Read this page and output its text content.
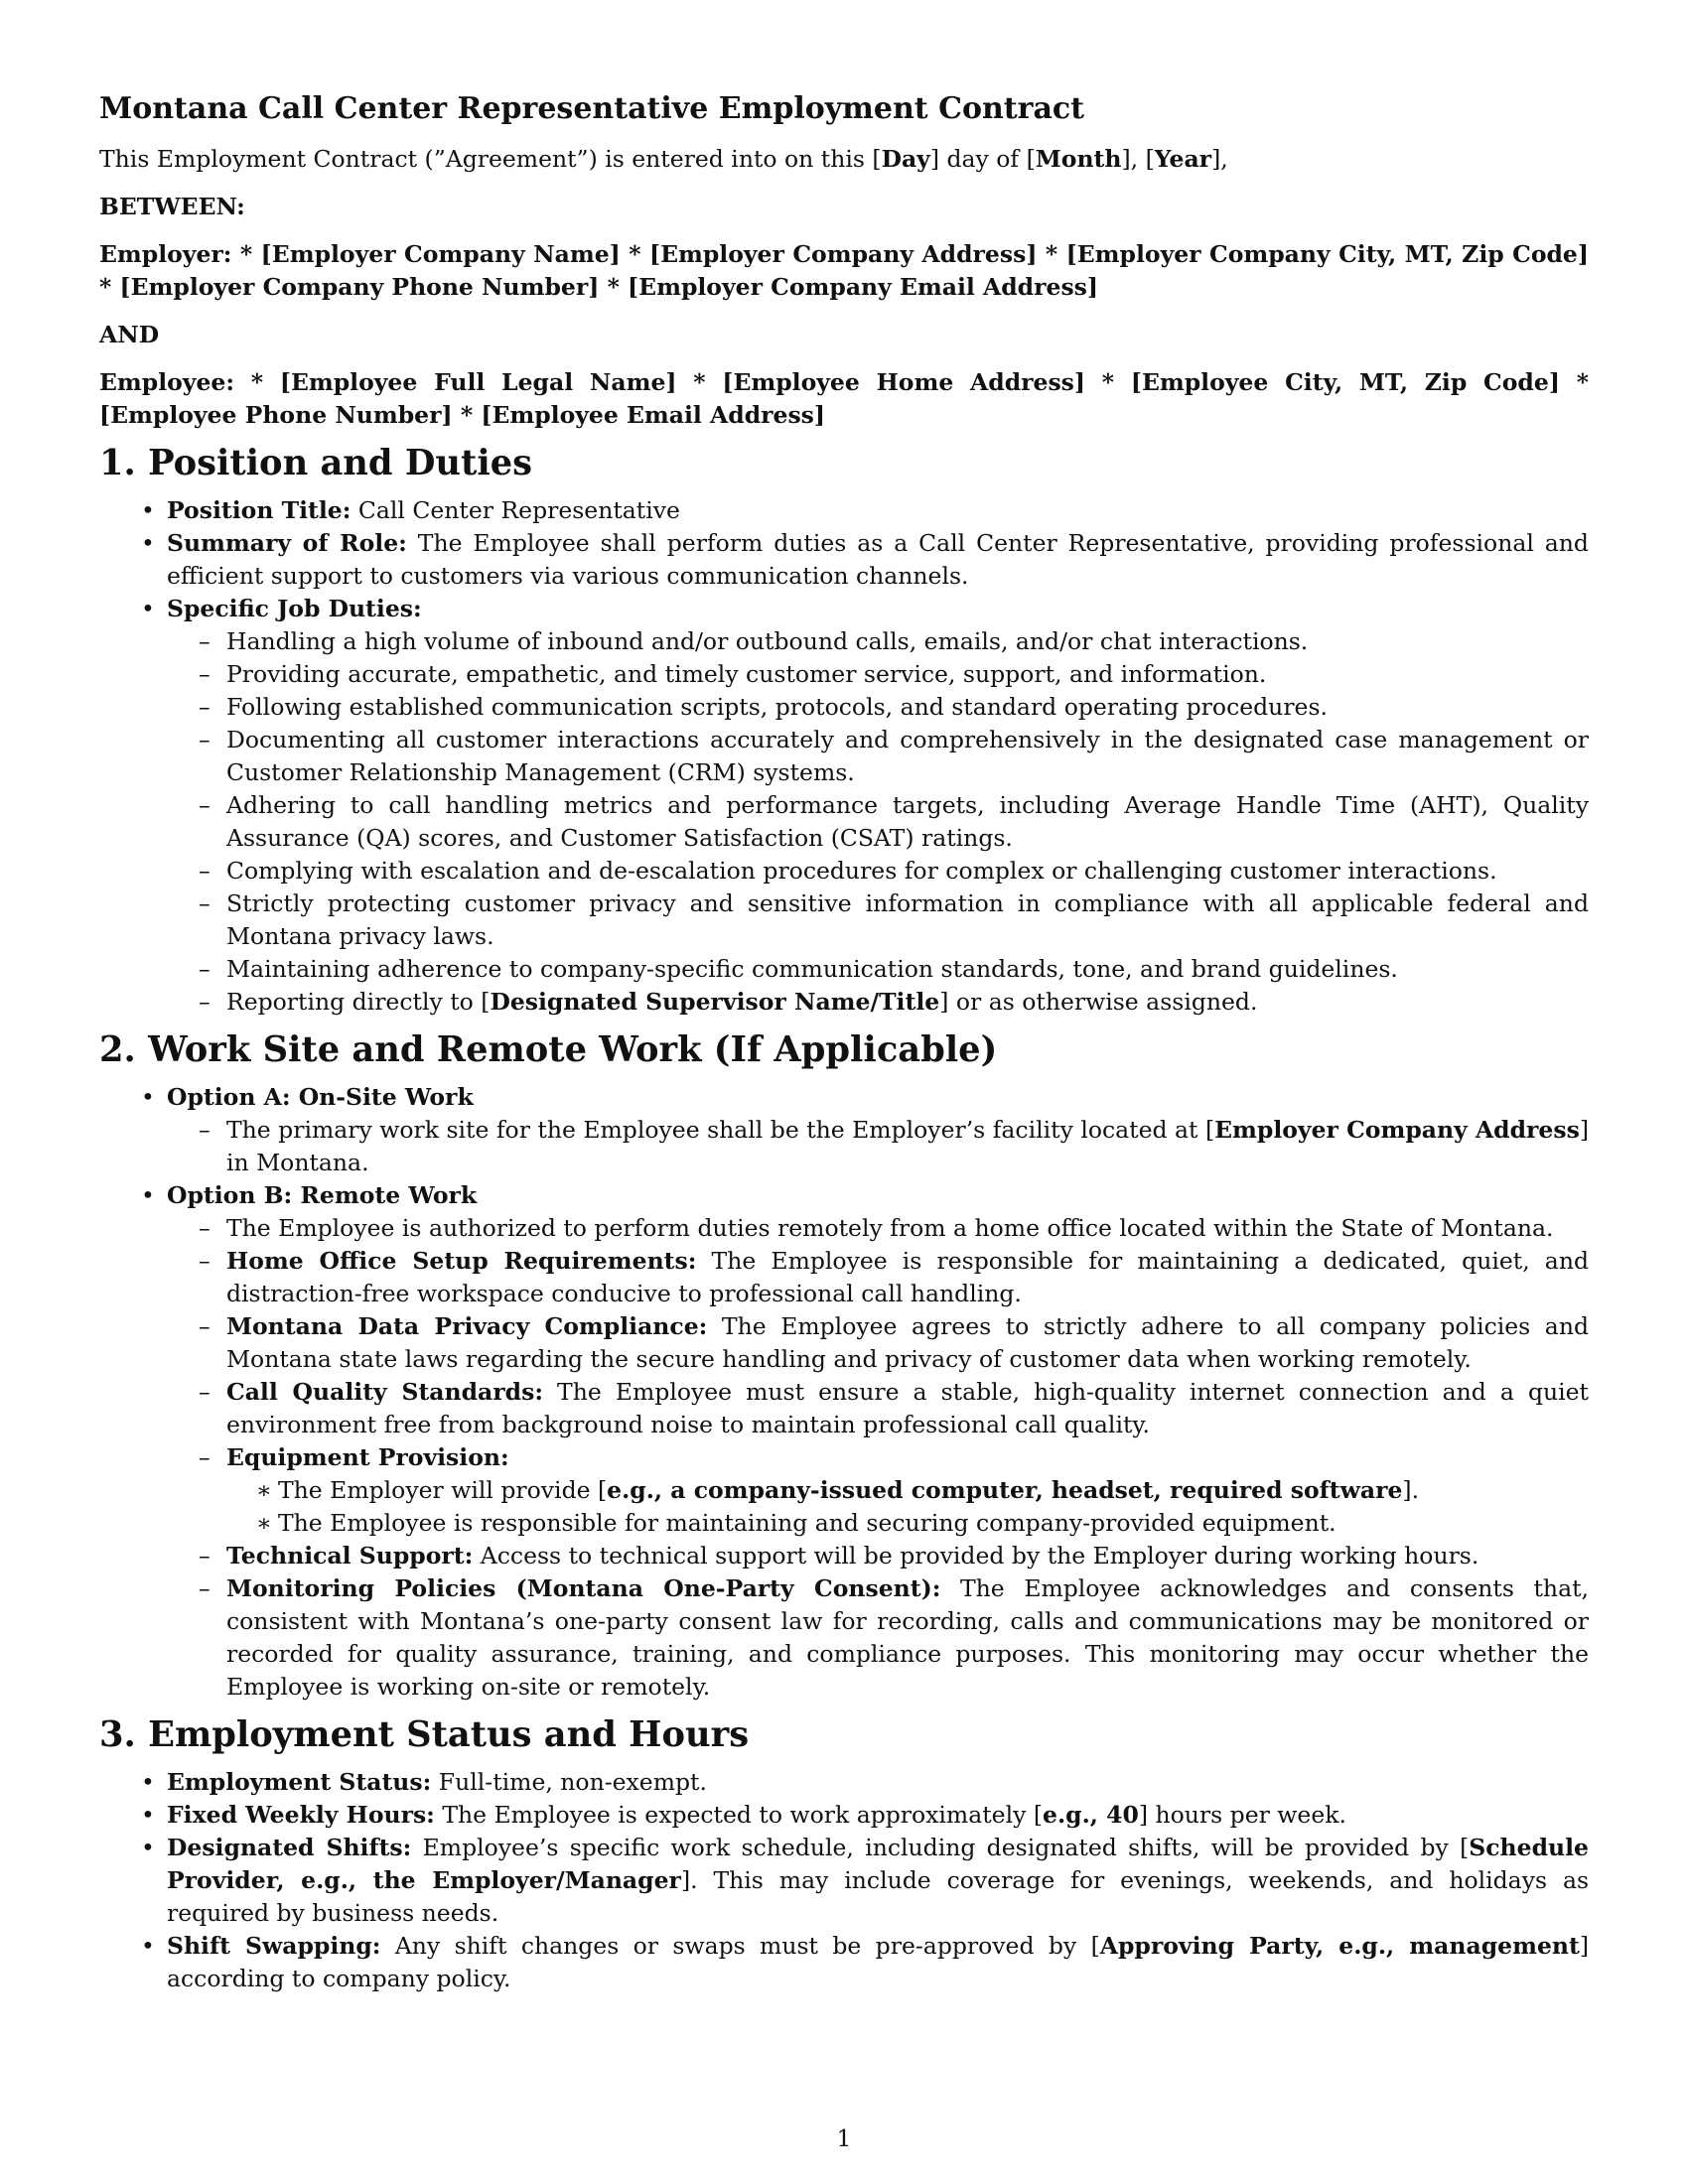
Montana Call Center Representative Employment Contract

This Employment Contract (”Agreement”) is entered into on this [Day] day of [Month], [Year],

BETWEEN:

Employer: * [Employer Company Name] * [Employer Company Address] * [Employer Company City, MT, Zip Code] * [Employer Company Phone Number] * [Employer Company Email Address]

AND

Employee: * [Employee Full Legal Name] * [Employee Home Address] * [Employee City, MT, Zip Code] * [Employee Phone Number] * [Employee Email Address]

1. Position and Duties
• Position Title: Call Center Representative
• Summary of Role: The Employee shall perform duties as a Call Center Representative, providing professional and efficient support to customers via various communication channels.
• Specific Job Duties:
– Handling a high volume of inbound and/or outbound calls, emails, and/or chat interactions.
– Providing accurate, empathetic, and timely customer service, support, and information.
– Following established communication scripts, protocols, and standard operating procedures.
– Documenting all customer interactions accurately and comprehensively in the designated case management or Customer Relationship Management (CRM) systems.
– Adhering to call handling metrics and performance targets, including Average Handle Time (AHT), Quality Assurance (QA) scores, and Customer Satisfaction (CSAT) ratings.
– Complying with escalation and de-escalation procedures for complex or challenging customer interactions.
– Strictly protecting customer privacy and sensitive information in compliance with all applicable federal and Montana privacy laws.
– Maintaining adherence to company-specific communication standards, tone, and brand guidelines.
– Reporting directly to [Designated Supervisor Name/Title] or as otherwise assigned.
2. Work Site and Remote Work (If Applicable)
• Option A: On-Site Work
– The primary work site for the Employee shall be the Employer’s facility located at [Employer Company Address] in Montana.
• Option B: Remote Work
– The Employee is authorized to perform duties remotely from a home office located within the State of Montana.
– Home Office Setup Requirements: The Employee is responsible for maintaining a dedicated, quiet, and distraction-free workspace conducive to professional call handling.
– Montana Data Privacy Compliance: The Employee agrees to strictly adhere to all company policies and Montana state laws regarding the secure handling and privacy of customer data when working remotely.
– Call Quality Standards: The Employee must ensure a stable, high-quality internet connection and a quiet environment free from background noise to maintain professional call quality.
– Equipment Provision:
∗ The Employer will provide [e.g., a company-issued computer, headset, required software].
∗ The Employee is responsible for maintaining and securing company-provided equipment.
– Technical Support: Access to technical support will be provided by the Employer during working hours.
– Monitoring Policies (Montana One-Party Consent): The Employee acknowledges and consents that, consistent with Montana’s one-party consent law for recording, calls and communications may be monitored or recorded for quality assurance, training, and compliance purposes. This monitoring may occur whether the Employee is working on-site or remotely.
3. Employment Status and Hours
• Employment Status: Full-time, non-exempt.
• Fixed Weekly Hours: The Employee is expected to work approximately [e.g., 40] hours per week.
• Designated Shifts: Employee’s specific work schedule, including designated shifts, will be provided by [Schedule Provider, e.g., the Employer/Manager]. This may include coverage for evenings, weekends, and holidays as required by business needs.
• Shift Swapping: Any shift changes or swaps must be pre-approved by [Approving Party, e.g., management] according to company policy.
1
